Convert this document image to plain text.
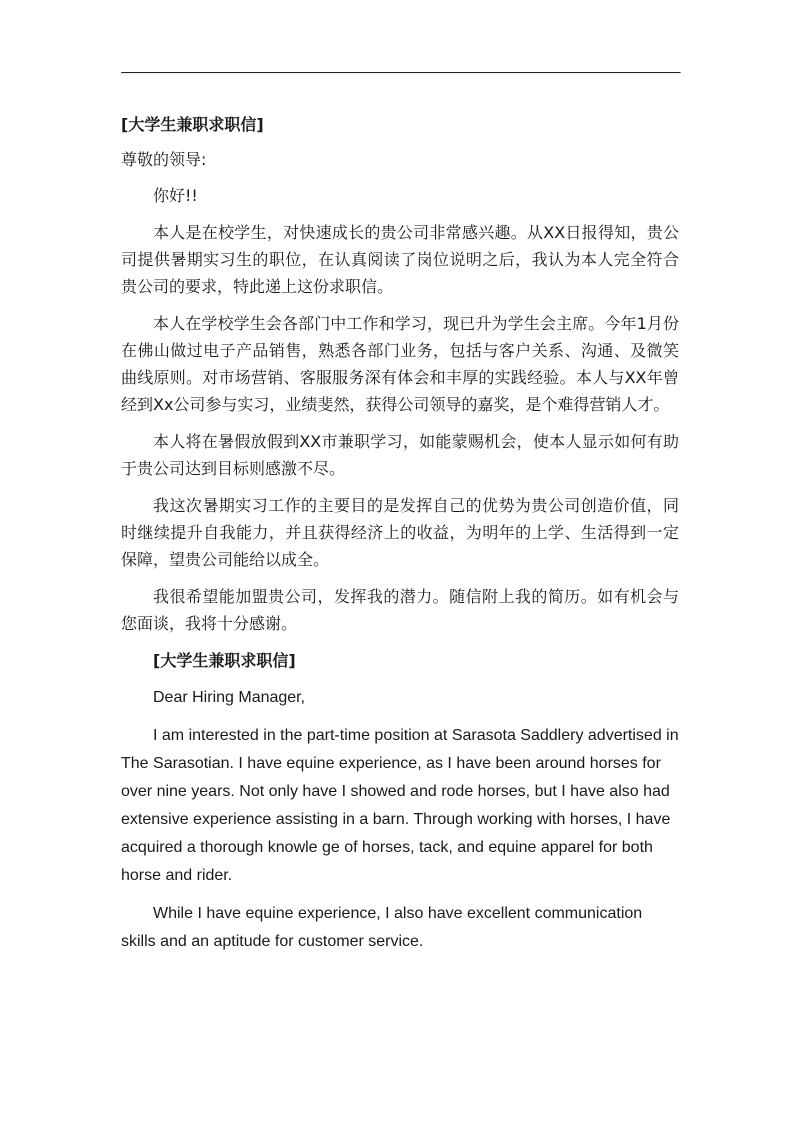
[大学生兼职求职信]

尊敬的领导:

你好!!

本人是在校学生，对快速成长的贵公司非常感兴趣。从XX日报得知，贵公司提供暑期实习生的职位，在认真阅读了岗位说明之后，我认为本人完全符合贵公司的要求，特此递上这份求职信。

本人在学校学生会各部门中工作和学习，现已升为学生会主席。今年1月份在佛山做过电子产品销售，熟悉各部门业务，包括与客户关系、沟通、及微笑曲线原则。对市场营销、客服服务深有体会和丰厚的实践经验。本人与XX年曾经到Xx公司参与实习，业绩斐然，获得公司领导的嘉奖，是个难得营销人才。

本人将在暑假放假到XX市兼职学习，如能蒙赐机会，使本人显示如何有助于贵公司达到目标则感激不尽。

我这次暑期实习工作的主要目的是发挥自己的优势为贵公司创造价值，同时继续提升自我能力，并且获得经济上的收益，为明年的上学、生活得到一定保障，望贵公司能给以成全。

我很希望能加盟贵公司，发挥我的潜力。随信附上我的简历。如有机会与您面谈，我将十分感谢。

[大学生兼职求职信]

Dear Hiring Manager,

I am interested in the part-time position at Sarasota Saddlery advertised in The Sarasotian. I have equine experience, as I have been around horses for over nine years. Not only have I showed and rode horses, but I have also had extensive experience assisting in a barn. Through working with horses, I have acquired a thorough knowle ge of horses, tack, and equine apparel for both horse and rider.

While I have equine experience, I also have excellent communication skills and an aptitude for customer service.
